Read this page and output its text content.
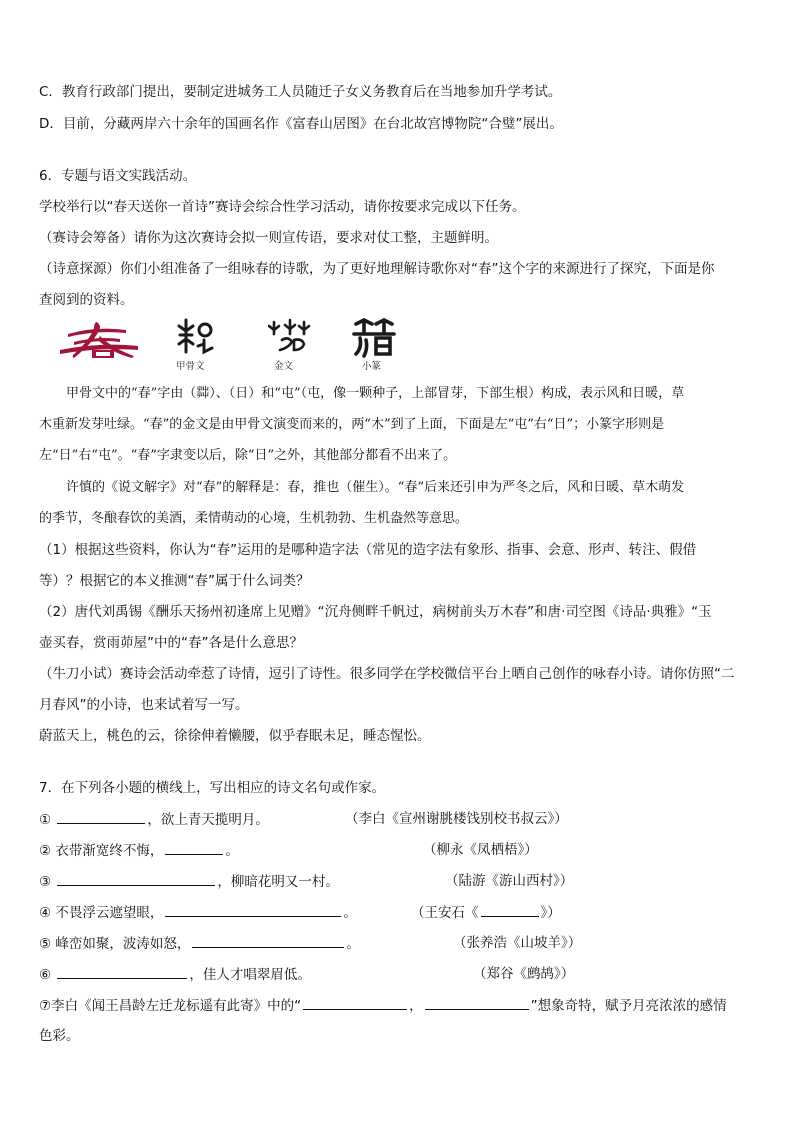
C．教育行政部门提出，要制定进城务工人员随迁子女义务教育后在当地参加升学考试。
D．目前，分藏两岸六十余年的国画名作《富春山居图》在台北故宫博物院“合璧”展出。
6．专题与语文实践活动。
学校举行以“春天送你一首诗”赛诗会综合性学习活动，请你按要求完成以下任务。
（赛诗会筹备）请你为这次赛诗会拟一则宣传语，要求对仗工整，主题鲜明。
（诗意探源）你们小组准备了一组咏春的诗歌，为了更好地理解诗歌你对“春”这个字的来源进行了探究，下面是你
查阅到的资料。
甲骨文	金文	小篆
甲骨文中的“春”字由（茻）、（日）和“屯”（屯，像一颗种子，上部冒芽，下部生根）构成，表示风和日暖，草
木重新发芽吐绿。“春”的金文是由甲骨文演变而来的，两“木”到了上面，下面是左“屯”右“日”；小篆字形则是
左“日”右“屯”。“春”字隶变以后，除“日”之外，其他部分都看不出来了。
许慎的《说文解字》对“春”的解释是：春，推也（催生）。“春”后来还引申为严冬之后，风和日暖、草木萌发
的季节，冬酿春饮的美酒，柔情萌动的心境，生机勃勃、生机盎然等意思。
（1）根据这些资料，你认为“春”运用的是哪种造字法（常见的造字法有象形、指事、会意、形声、转注、假借
等）？根据它的本义推测“春”属于什么词类？
（2）唐代刘禹锡《酬乐天扬州初逢席上见赠》“沉舟侧畔千帆过，病树前头万木春”和唐·司空图《诗品·典雅》“玉
壶买春，赏雨茆屋”中的“春”各是什么意思？
（牛刀小试）赛诗会活动牵惹了诗情，逗引了诗性。很多同学在学校微信平台上晒自己创作的咏春小诗。请你仿照“二
月春风”的小诗，也来试着写一写。
蔚蓝天上，桃色的云，徐徐伸着懒腰，似乎春眠未足，睡态惺忪。
7．在下列各小题的横线上，写出相应的诗文名句或作家。
①	，欲上青天揽明月。	（李白《宣州谢朓楼饯别校书叔云》）
② 衣带渐宽终不悔，	。	（柳永《凤栖梧》）
③	，柳暗花明又一村。	（陆游《游山西村》）
④ 不畏浮云遮望眼，	。	（王安石《	》）
⑤ 峰峦如聚，波涛如怒，	。	（张养浩《山坡羊》）
⑥	，佳人才唱翠眉低。	（郑谷《鹧鸪》）
⑦李白《闻王昌龄左迁龙标遥有此寄》中的“	，	”想象奇特，赋予月亮浓浓的感情
色彩。
